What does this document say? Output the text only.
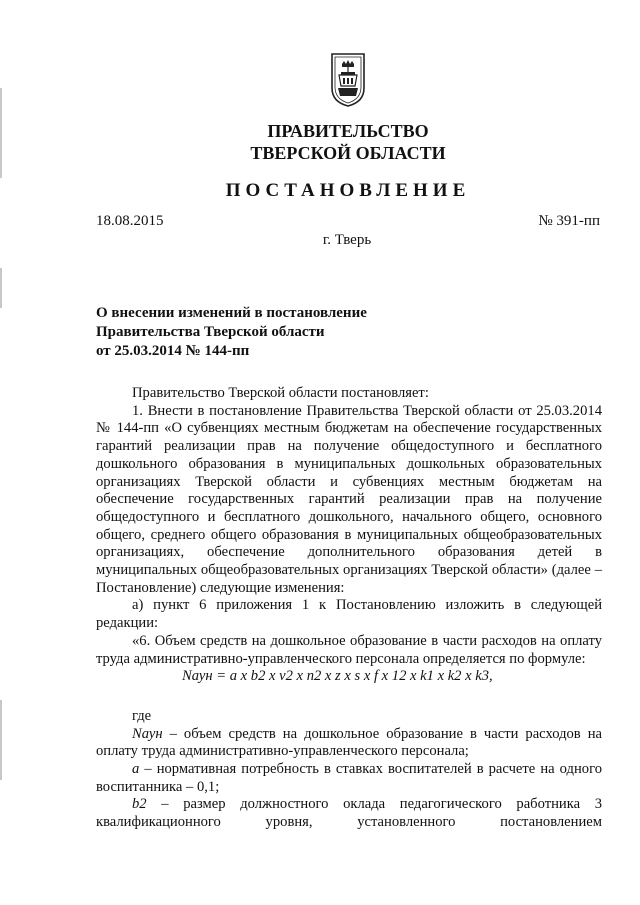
ПРАВИТЕЛЬСТВО
ТВЕРСКОЙ ОБЛАСТИ
ПОСТАНОВЛЕНИЕ
18.08.2015	№ 391-пп
г. Тверь
О внесении изменений в постановление
Правительства Тверской области
от 25.03.2014 № 144-пп

Правительство Тверской области постановляет:

1. Внести в постановление Правительства Тверской области от 25.03.2014 № 144-пп «О субвенциях местным бюджетам на обеспечение государственных гарантий реализации прав на получение общедоступного и бесплатного дошкольного образования в муниципальных дошкольных образовательных организациях Тверской области и субвенциях местным бюджетам на обеспечение государственных гарантий реализации прав на получение общедоступного и бесплатного дошкольного, начального общего, основного общего, среднего общего образования в муниципальных общеобразовательных организациях, обеспечение дополнительного образования детей в муниципальных общеобразовательных организациях Тверской области» (далее – Постановление) следующие изменения:

а) пункт 6 приложения 1 к Постановлению изложить в следующей редакции:

«6. Объем средств на дошкольное образование в части расходов на оплату труда административно-управленческого персонала определяется по формуле:

Nаун = а х b2 х v2 х n2 х z х s х f х 12 х k1 х k2 х k3,

где

Nаун – объем средств на дошкольное образование в части расходов на оплату труда административно-управленческого персонала;

а – нормативная потребность в ставках воспитателей в расчете на одного воспитанника – 0,1;

b2 – размер должностного оклада педагогического работника 3 квалификационного уровня, установленного постановлением
